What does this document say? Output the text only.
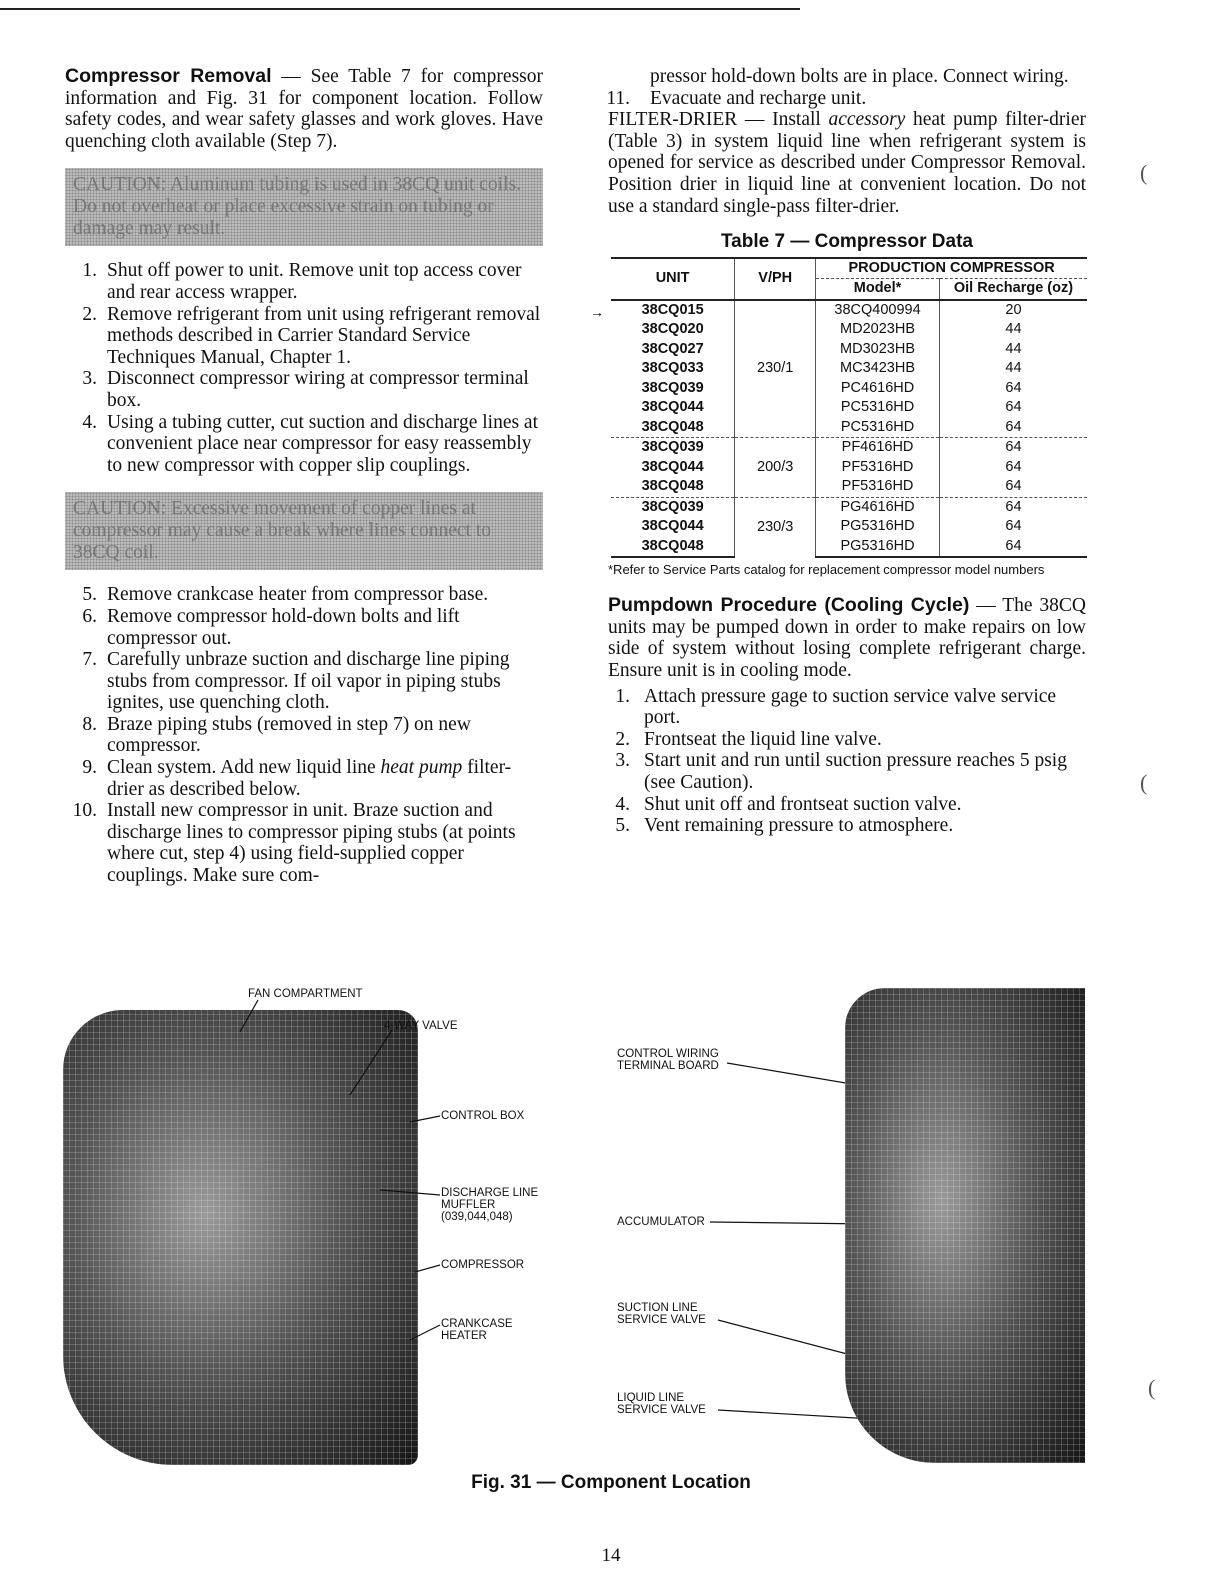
Compressor Removal — See Table 7 for compressor information and Fig. 31 for component location. Follow safety codes, and wear safety glasses and work gloves. Have quenching cloth available (Step 7).

CAUTION: Aluminum tubing is used in 38CQ unit coils. Do not overheat or place excessive strain on tubing or damage may result.
1. Shut off power to unit. Remove unit top access cover and rear access wrapper.
2. Remove refrigerant from unit using refrigerant removal methods described in Carrier Standard Service Techniques Manual, Chapter 1.
3. Disconnect compressor wiring at compressor terminal box.
4. Using a tubing cutter, cut suction and discharge lines at convenient place near compressor for easy reassembly to new compressor with copper slip couplings.
CAUTION: Excessive movement of copper lines at compressor may cause a break where lines connect to 38CQ coil.
5. Remove crankcase heater from compressor base.
6. Remove compressor hold-down bolts and lift compressor out.
7. Carefully unbraze suction and discharge line piping stubs from compressor. If oil vapor in piping stubs ignites, use quenching cloth.
8. Braze piping stubs (removed in step 7) on new compressor.
9. Clean system. Add new liquid line heat pump filter-drier as described below.
10. Install new compressor in unit. Braze suction and discharge lines to compressor piping stubs (at points where cut, step 4) using field-supplied copper couplings. Make sure com-
pressor hold-down bolts are in place. Connect wiring.
11. Evacuate and recharge unit.

FILTER-DRIER — Install accessory heat pump filter-drier (Table 3) in system liquid line when refrigerant system is opened for service as described under Compressor Removal. Position drier in liquid line at convenient location. Do not use a standard single-pass filter-drier.

Table 7 — Compressor Data
→
UNIT	V/PH	PRODUCTION COMPRESSOR	
		Model*	Oil Recharge (oz)
38CQ015	230/1	38CQ400994	20
38CQ020		MD2023HB	44
38CQ027		MD3023HB	44
38CQ033		MC3423HB	44
38CQ039		PC4616HD	64
38CQ044		PC5316HD	64
38CQ048		PC5316HD	64
38CQ039	200/3	PF4616HD	64
38CQ044		PF5316HD	64
38CQ048		PF5316HD	64
38CQ039	230/3	PG4616HD	64
38CQ044		PG5316HD	64
38CQ048		PG5316HD	64
*Refer to Service Parts catalog for replacement compressor model numbers

Pumpdown Procedure (Cooling Cycle) — The 38CQ units may be pumped down in order to make repairs on low side of system without losing complete refrigerant charge. Ensure unit is in cooling mode.

1. Attach pressure gage to suction service valve service port.
2. Frontseat the liquid line valve.
3. Start unit and run until suction pressure reaches 5 psig (see Caution).
4. Shut unit off and frontseat suction valve.
5. Vent remaining pressure to atmosphere.
(
(
(
FAN COMPARTMENT
4-WAY VALVE
CONTROL BOX
DISCHARGE LINE
MUFFLER
(039,044,048)
COMPRESSOR
CRANKCASE
HEATER
CONTROL WIRING
TERMINAL BOARD
ACCUMULATOR
SUCTION LINE
SERVICE VALVE
LIQUID LINE
SERVICE VALVE
Fig. 31 — Component Location
14
